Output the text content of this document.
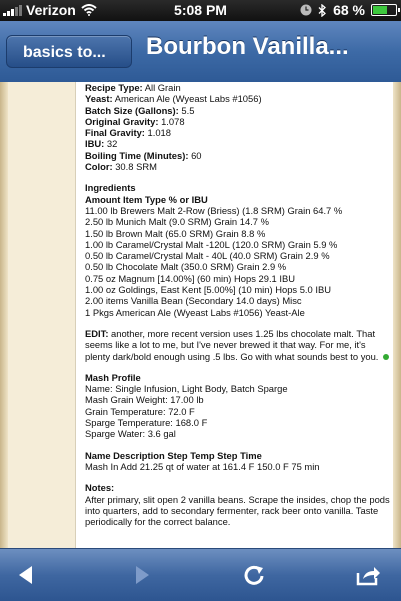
Verizon	5:08 PM	68 %
basics to...	Bourbon Vanilla...
Recipe Type: All Grain
Yeast: American Ale (Wyeast Labs #1056)
Batch Size (Gallons): 5.5
Original Gravity: 1.078
Final Gravity: 1.018
IBU: 32
Boiling Time (Minutes): 60
Color: 30.8 SRM
Ingredients
Amount Item Type % or IBU
11.00 lb Brewers Malt 2-Row (Briess) (1.8 SRM) Grain 64.7 %
2.50 lb Munich Malt (9.0 SRM) Grain 14.7 %
1.50 lb Brown Malt (65.0 SRM) Grain 8.8 %
1.00 lb Caramel/Crystal Malt -120L (120.0 SRM) Grain 5.9 %
0.50 lb Caramel/Crystal Malt - 40L (40.0 SRM) Grain 2.9 %
0.50 lb Chocolate Malt (350.0 SRM) Grain 2.9 %
0.75 oz Magnum [14.00%] (60 min) Hops 29.1 IBU
1.00 oz Goldings, East Kent [5.00%] (10 min) Hops 5.0 IBU
2.00 items Vanilla Bean (Secondary 14.0 days) Misc
1 Pkgs American Ale (Wyeast Labs #1056) Yeast-Ale
EDIT: another, more recent version uses 1.25 lbs chocolate malt. That seems like a lot to me, but I've never brewed it that way. For me, it's plenty dark/bold enough using .5 lbs. Go with what sounds best to you.
Mash Profile
Name: Single Infusion, Light Body, Batch Sparge
Mash Grain Weight: 17.00 lb
Grain Temperature: 72.0 F
Sparge Temperature: 168.0 F
Sparge Water: 3.6 gal
Name Description Step Temp Step Time
Mash In Add 21.25 qt of water at 161.4 F 150.0 F 75 min
Notes:
After primary, slit open 2 vanilla beans. Scrape the insides, chop the pods into quarters, add to secondary fermenter, rack beer onto vanilla. Taste periodically for the correct balance.
